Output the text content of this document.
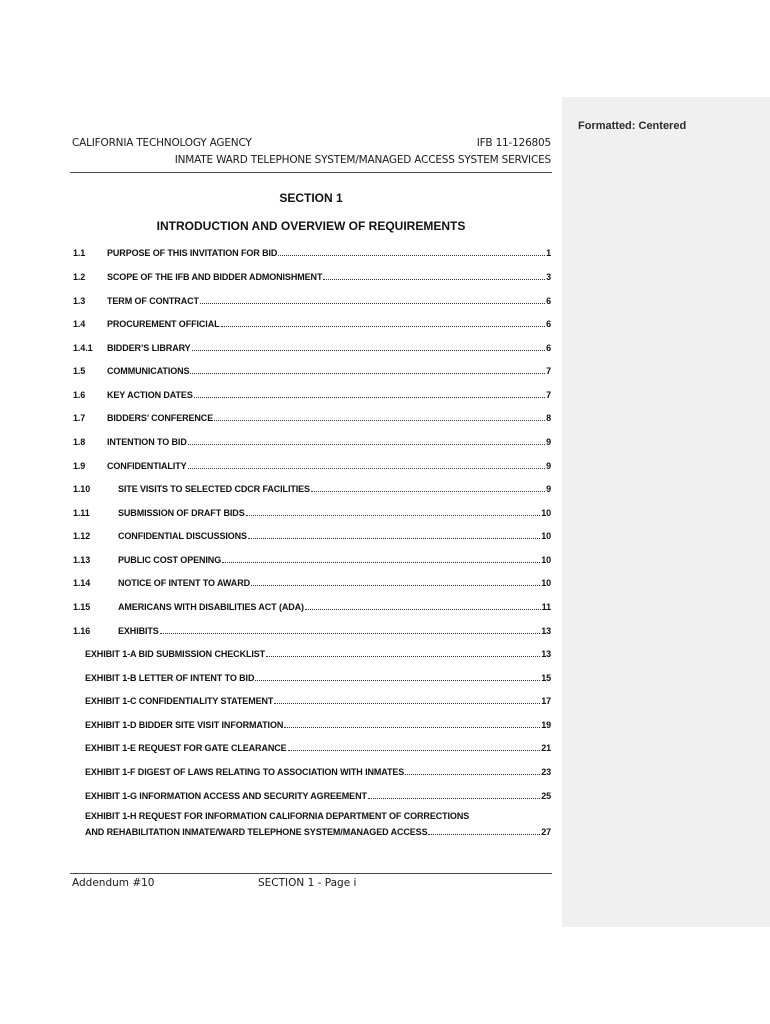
Formatted: Centered
CALIFORNIA TECHNOLOGY AGENCY	IFB 11-126805
INMATE WARD TELEPHONE SYSTEM/MANAGED ACCESS SYSTEM SERVICES
SECTION 1
INTRODUCTION AND OVERVIEW OF REQUIREMENTS
1.1	PURPOSE OF THIS INVITATION FOR BID	1
1.2	SCOPE OF THE IFB AND BIDDER ADMONISHMENT	3
1.3	TERM OF CONTRACT	6
1.4	PROCUREMENT OFFICIAL	6
1.4.1	BIDDER’S LIBRARY	6
1.5	COMMUNICATIONS	7
1.6	KEY ACTION DATES	7
1.7	BIDDERS’ CONFERENCE	8
1.8	INTENTION TO BID	9
1.9	CONFIDENTIALITY	9
1.10	SITE VISITS TO SELECTED CDCR FACILITIES	9
1.11	SUBMISSION OF DRAFT BIDS	10
1.12	CONFIDENTIAL DISCUSSIONS	10
1.13	PUBLIC COST OPENING	10
1.14	NOTICE OF INTENT TO AWARD	10
1.15	AMERICANS WITH DISABILITIES ACT (ADA)	11
1.16	EXHIBITS	13
EXHIBIT 1-A BID SUBMISSION CHECKLIST	13
EXHIBIT 1-B LETTER OF INTENT TO BID	15
EXHIBIT 1-C CONFIDENTIALITY STATEMENT	17
EXHIBIT 1-D BIDDER SITE VISIT INFORMATION	19
EXHIBIT 1-E REQUEST FOR GATE CLEARANCE	21
EXHIBIT 1-F DIGEST OF LAWS RELATING TO ASSOCIATION WITH INMATES	23
EXHIBIT 1-G INFORMATION ACCESS AND SECURITY AGREEMENT	25
EXHIBIT 1-H REQUEST FOR INFORMATION CALIFORNIA DEPARTMENT OF CORRECTIONS
AND REHABILITATION INMATE/WARD TELEPHONE SYSTEM/MANAGED ACCESS	27
Addendum #10	SECTION 1 - Page i
